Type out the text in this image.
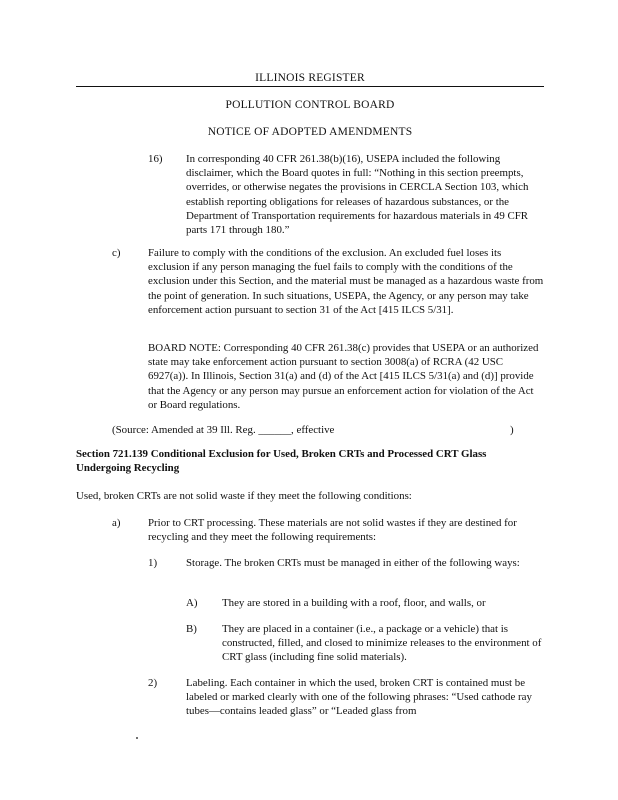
ILLINOIS REGISTER
POLLUTION CONTROL BOARD
NOTICE OF ADOPTED AMENDMENTS
16) In corresponding 40 CFR 261.38(b)(16), USEPA included the following disclaimer, which the Board quotes in full: “Nothing in this section preempts, overrides, or otherwise negates the provisions in CERCLA Section 103, which establish reporting obligations for releases of hazardous substances, or the Department of Transportation requirements for hazardous materials in 49 CFR parts 171 through 180.”
c)	Failure to comply with the conditions of the exclusion. An excluded fuel loses its exclusion if any person managing the fuel fails to comply with the conditions of the exclusion under this Section, and the material must be managed as a hazardous waste from the point of generation. In such situations, USEPA, the Agency, or any person may take enforcement action pursuant to section 31 of the Act [415 ILCS 5/31].
BOARD NOTE: Corresponding 40 CFR 261.38(c) provides that USEPA or an authorized state may take enforcement action pursuant to section 3008(a) of RCRA (42 USC 6927(a)). In Illinois, Section 31(a) and (d) of the Act [415 ILCS 5/31(a) and (d)] provide that the Agency or any person may pursue an enforcement action for violation of the Act or Board regulations.
(Source: Amended at 39 Ill. Reg. ______, effective	)
Section 721.139 Conditional Exclusion for Used, Broken CRTs and Processed CRT Glass Undergoing Recycling
Used, broken CRTs are not solid waste if they meet the following conditions:
a)	Prior to CRT processing. These materials are not solid wastes if they are destined for recycling and they meet the following requirements:
1)	Storage. The broken CRTs must be managed in either of the following ways:
A) They are stored in a building with a roof, floor, and walls, or
B) They are placed in a container (i.e., a package or a vehicle) that is constructed, filled, and closed to minimize releases to the environment of CRT glass (including fine solid materials).
2)	Labeling. Each container in which the used, broken CRT is contained must be labeled or marked clearly with one of the following phrases: “Used cathode ray tubes—contains leaded glass” or “Leaded glass from
